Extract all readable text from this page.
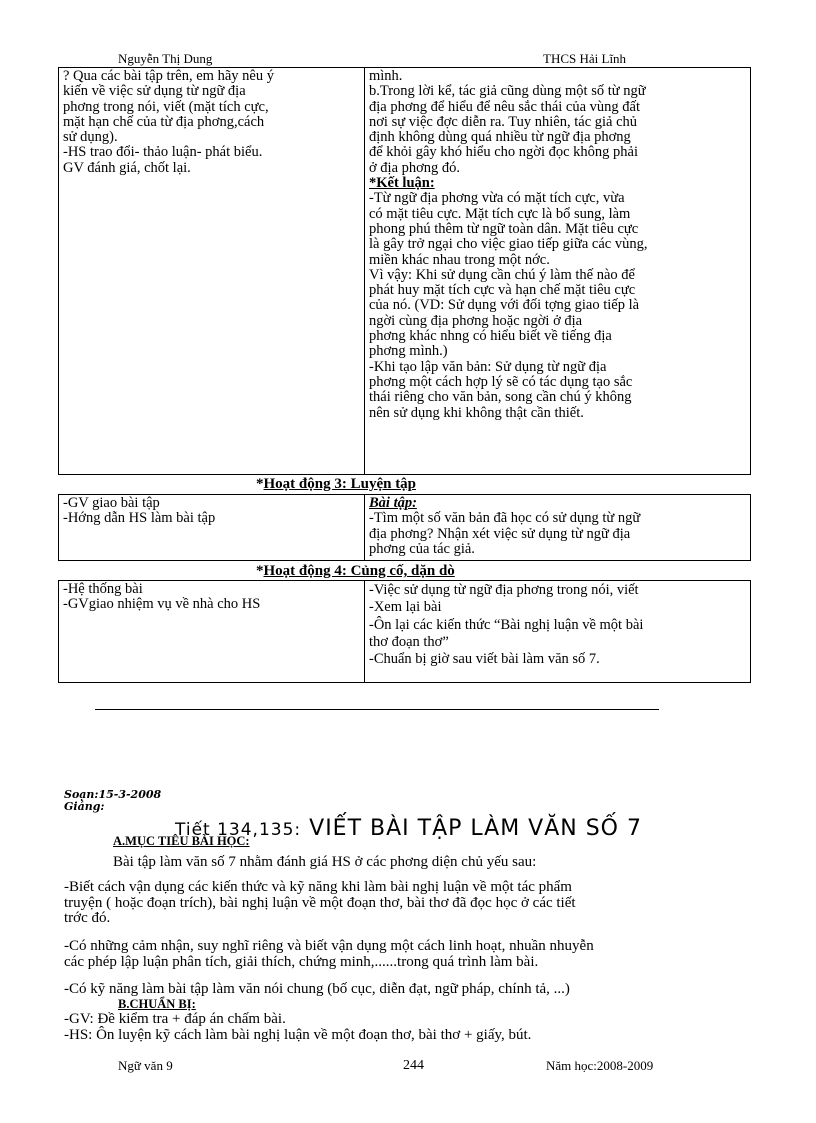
Nguyễn Thị Dung	THCS Hải Lĩnh
? Qua các bài tập trên, em hãy nêu ý
kiến về việc sử dụng từ ngữ địa
phơng trong nói, viết (mặt tích cực,
mặt hạn chế của từ địa phơng,cách
sử dụng).
-HS trao đổi- thảo luận- phát biểu.
GV đánh giá, chốt lại.

mình.
b.Trong lời kể, tác giả cũng dùng một số từ ngữ
địa phơng để hiểu để nêu sắc thái của vùng đất
nơi sự việc đợc diễn ra. Tuy nhiên, tác giả chủ
định không dùng quá nhiều từ ngữ địa phơng
để khỏi gây khó hiểu cho ngời đọc không phải
ở địa phơng đó.
*Kết luận:
-Từ ngữ địa phơng vừa có mặt tích cực, vừa
có mặt tiêu cực. Mặt tích cực là bổ sung, làm
phong phú thêm từ ngữ toàn dân. Mặt tiêu cực
là gây trở ngại cho việc giao tiếp giữa các vùng,
miền khác nhau trong một nớc.
Vì vậy: Khi sử dụng cần chú ý làm thế nào để
phát huy mặt tích cực và hạn chế mặt tiêu cực
của nó. (VD: Sử dụng với đối tợng giao tiếp là
ngời cùng địa phơng hoặc ngời ở địa
phơng khác nhng có hiểu biết về tiếng địa
phơng mình.)
-Khi tạo lập văn bản: Sử dụng từ ngữ địa
phơng một cách hợp lý sẽ có tác dụng tạo sắc
thái riêng cho văn bản, song cần chú ý không
nên sử dụng khi không thật cần thiết.
*Hoạt động 3: Luyện tập
-GV giao bài tập
-Hớng dẫn HS làm bài tập

Bài tập:
-Tìm một số văn bản đã học có sử dụng từ ngữ
địa phơng? Nhận xét việc sử dụng từ ngữ địa
phơng của tác giả.
*Hoạt động 4: Củng cố, dặn dò
-Hệ thống bài
-GVgiao nhiệm vụ về nhà cho HS

-Việc sử dụng từ ngữ địa phơng trong nói, viết
-Xem lại bài
-Ôn lại các kiến thức “Bài nghị luận về một bài
thơ đoạn thơ”
-Chuẩn bị giờ sau viết bài làm văn số 7.
Soạn:15-3-2008
Giảng:
Tiết 134,135: VIẾT BÀI TẬP LÀM VĂN SỐ 7
A.MỤC TIÊU BÀI HỌC:
Bài tập làm văn số 7 nhằm đánh giá HS ở các phơng diện chủ yếu sau:
-Biết cách vận dụng các kiến thức và kỹ năng khi làm bài nghị luận về một tác phẩm
truyện ( hoặc đoạn trích), bài nghị luận về một đoạn thơ, bài thơ đã đọc học ở các tiết
trớc đó.
-Có những cảm nhận, suy nghĩ riêng và biết vận dụng một cách linh hoạt, nhuần nhuyễn
các phép lập luận phân tích, giải thích, chứng minh,......trong quá trình làm bài.
-Có kỹ năng làm bài tập làm văn nói chung (bố cục, diễn đạt, ngữ pháp, chính tả, ...)
B.CHUẨN BỊ:
-GV: Đề kiểm tra + đáp án chấm bài.
-HS: Ôn luyện kỹ cách làm bài nghị luận về một đoạn thơ, bài thơ + giấy, bút.
Ngữ văn 9	244	Năm học:2008-2009
